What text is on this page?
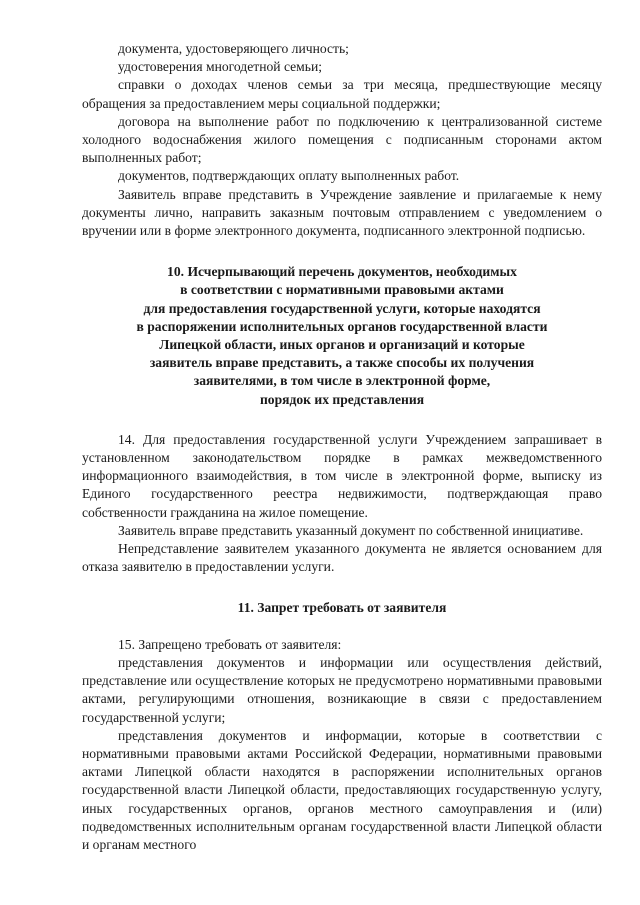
документа, удостоверяющего личность;

удостоверения многодетной семьи;

справки о доходах членов семьи за три месяца, предшествующие месяцу обращения за предоставлением меры социальной поддержки;

договора на выполнение работ по подключению к централизованной системе холодного водоснабжения жилого помещения с подписанным сторонами актом выполненных работ;

документов, подтверждающих оплату выполненных работ.

Заявитель вправе представить в Учреждение заявление и прилагаемые к нему документы лично, направить заказным почтовым отправлением с уведомлением о вручении или в форме электронного документа, подписанного электронной подписью.

10. Исчерпывающий перечень документов, необходимых

в соответствии с нормативными правовыми актами

для предоставления государственной услуги, которые находятся

в распоряжении исполнительных органов государственной власти

Липецкой области, иных органов и организаций и которые

заявитель вправе представить, а также способы их получения

заявителями, в том числе в электронной форме,

порядок их представления

14. Для предоставления государственной услуги Учреждением запрашивает в установленном законодательством порядке в рамках межведомственного информационного взаимодействия, в том числе в электронной форме, выписку из Единого государственного реестра недвижимости, подтверждающая право собственности гражданина на жилое помещение.

Заявитель вправе представить указанный документ по собственной инициативе.

Непредставление заявителем указанного документа не является основанием для отказа заявителю в предоставлении услуги.

11. Запрет требовать от заявителя

15. Запрещено требовать от заявителя:

представления документов и информации или осуществления действий, представление или осуществление которых не предусмотрено нормативными правовыми актами, регулирующими отношения, возникающие в связи с предоставлением государственной услуги;

представления документов и информации, которые в соответствии с нормативными правовыми актами Российской Федерации, нормативными правовыми актами Липецкой области находятся в распоряжении исполнительных органов государственной власти Липецкой области, предоставляющих государственную услугу, иных государственных органов, органов местного самоуправления и (или) подведомственных исполнительным органам государственной власти Липецкой области и органам местного
